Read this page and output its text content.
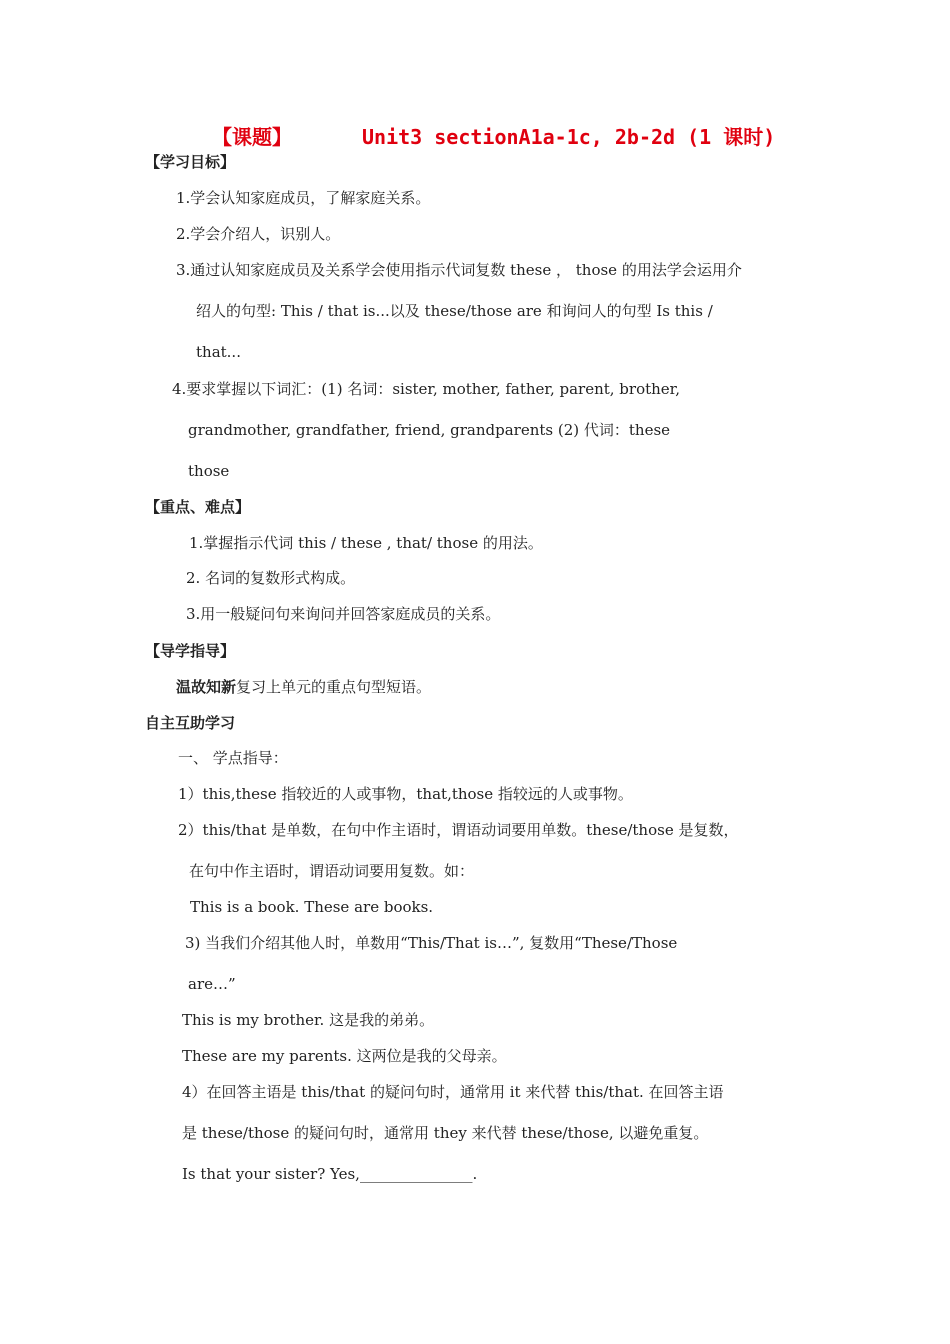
【课题】	Unit3 sectionA1a-1c, 2b-2d (1 课时)
【学习目标】
1.学会认知家庭成员，了解家庭关系。
2.学会介绍人，识别人。
3.通过认知家庭成员及关系学会使用指示代词复数 these ， those 的用法学会运用介
绍人的句型: This / that is...以及 these/those are 和询问人的句型 Is this /
that...
4.要求掌握以下词汇：(1) 名词：sister, mother, father, parent, brother,
grandmother, grandfather, friend, grandparents (2) 代词：these
those
【重点、难点】
1.掌握指示代词 this / these , that/ those 的用法。
2. 名词的复数形式构成。
3.用一般疑问句来询问并回答家庭成员的关系。
【导学指导】
温故知新复习上单元的重点句型短语。
自主互助学习
一、 学点指导：
1）this,these 指较近的人或事物，that,those 指较远的人或事物。
2）this/that 是单数，在句中作主语时，谓语动词要用单数。these/those 是复数，
在句中作主语时，谓语动词要用复数。如：
This is a book. These are books.
3) 当我们介绍其他人时，单数用“This/That is…”, 复数用“These/Those
are…”
This is my brother. 这是我的弟弟。
These are my parents. 这两位是我的父母亲。
4）在回答主语是 this/that 的疑问句时，通常用 it 来代替 this/that. 在回答主语
是 these/those 的疑问句时，通常用 they 来代替 these/those, 以避免重复。
Is that your sister? Yes,_______________.
